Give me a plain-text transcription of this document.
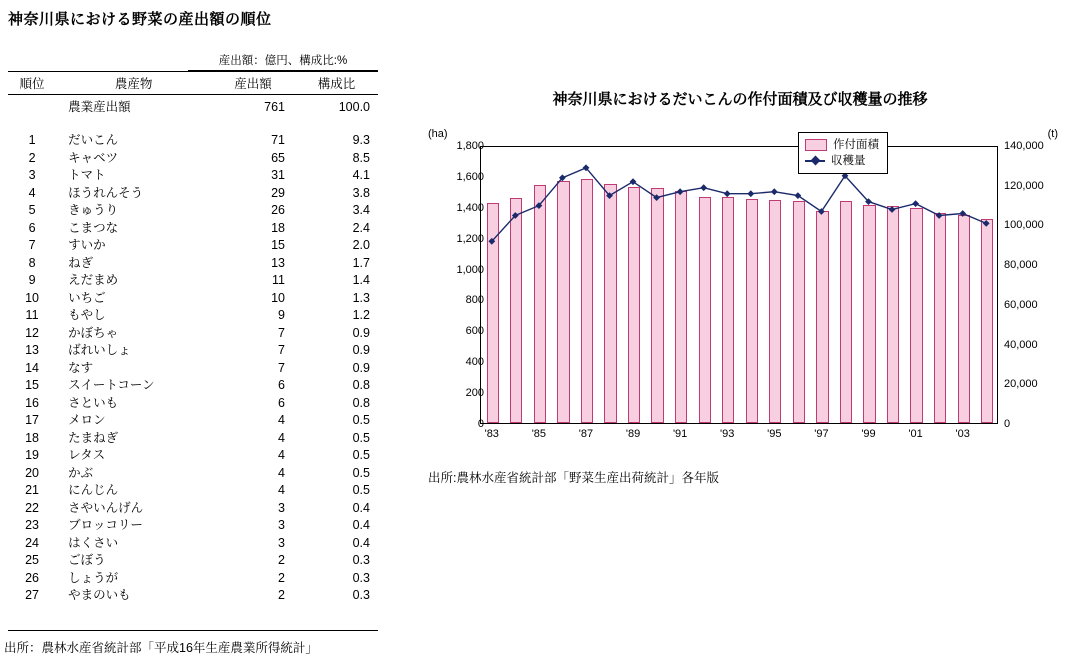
神奈川県における野菜の産出額の順位
産出額：億円、構成比:%
順位	農産物	産出額	構成比
	農業産出額	761	100.0

1	だいこん	71	9.3
2	キャベツ	65	8.5
3	トマト	31	4.1
4	ほうれんそう	29	3.8
5	きゅうり	26	3.4
6	こまつな	18	2.4
7	すいか	15	2.0
8	ねぎ	13	1.7
9	えだまめ	11	1.4
10	いちご	10	1.3
11	もやし	9	1.2
12	かぼちゃ	7	0.9
13	ばれいしょ	7	0.9
14	なす	7	0.9
15	スイートコーン	6	0.8
16	さといも	6	0.8
17	メロン	4	0.5
18	たまねぎ	4	0.5
19	レタス	4	0.5
20	かぶ	4	0.5
21	にんじん	4	0.5
22	さやいんげん	3	0.4
23	ブロッコリー	3	0.4
24	はくさい	3	0.4
25	ごぼう	2	0.3
26	しょうが	2	0.3
27	やまのいも	2	0.3
出所：農林水産省統計部「平成16年生産農業所得統計」
神奈川県におけるだいこんの作付面積及び収穫量の推移
(ha)	(t)
0
200
400
600
800
1,000
1,200
1,400
1,600
1,800
0
20,000
40,000
60,000
80,000
100,000
120,000
140,000
'83	'85	'87	'89	'91	'93	'95	'97	'99	'01	'03
作付面積
収穫量
出所:農林水産省統計部「野菜生産出荷統計」各年版
